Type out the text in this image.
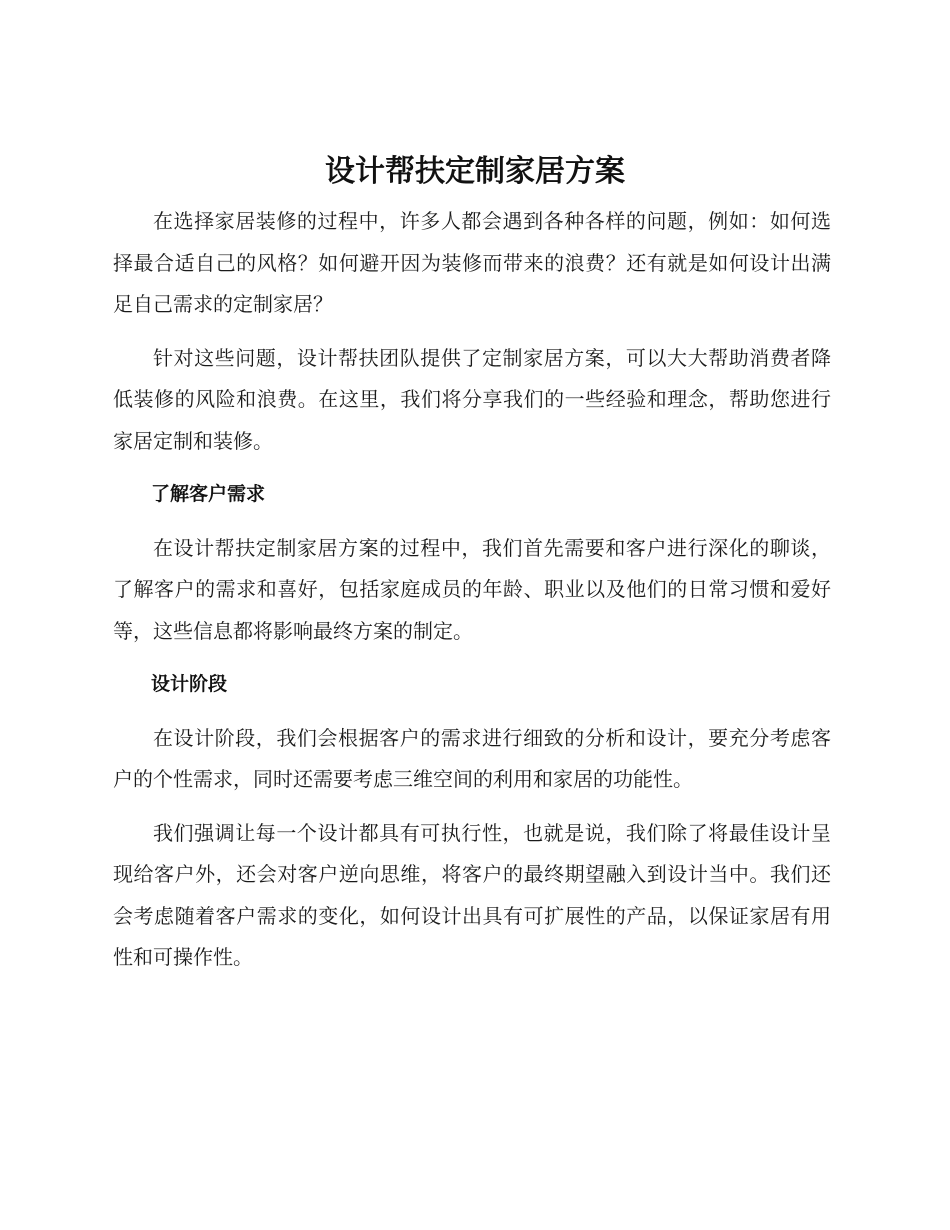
设计帮扶定制家居方案

在选择家居装修的过程中，许多人都会遇到各种各样的问题，例如：如何选择最合适自己的风格？如何避开因为装修而带来的浪费？还有就是如何设计出满足自己需求的定制家居？

针对这些问题，设计帮扶团队提供了定制家居方案，可以大大帮助消费者降低装修的风险和浪费。在这里，我们将分享我们的一些经验和理念，帮助您进行家居定制和装修。

了解客户需求

在设计帮扶定制家居方案的过程中，我们首先需要和客户进行深化的聊谈，了解客户的需求和喜好，包括家庭成员的年龄、职业以及他们的日常习惯和爱好等，这些信息都将影响最终方案的制定。

设计阶段

在设计阶段，我们会根据客户的需求进行细致的分析和设计，要充分考虑客户的个性需求，同时还需要考虑三维空间的利用和家居的功能性。

我们强调让每一个设计都具有可执行性，也就是说，我们除了将最佳设计呈现给客户外，还会对客户逆向思维，将客户的最终期望融入到设计当中。我们还会考虑随着客户需求的变化，如何设计出具有可扩展性的产品，以保证家居有用性和可操作性。
